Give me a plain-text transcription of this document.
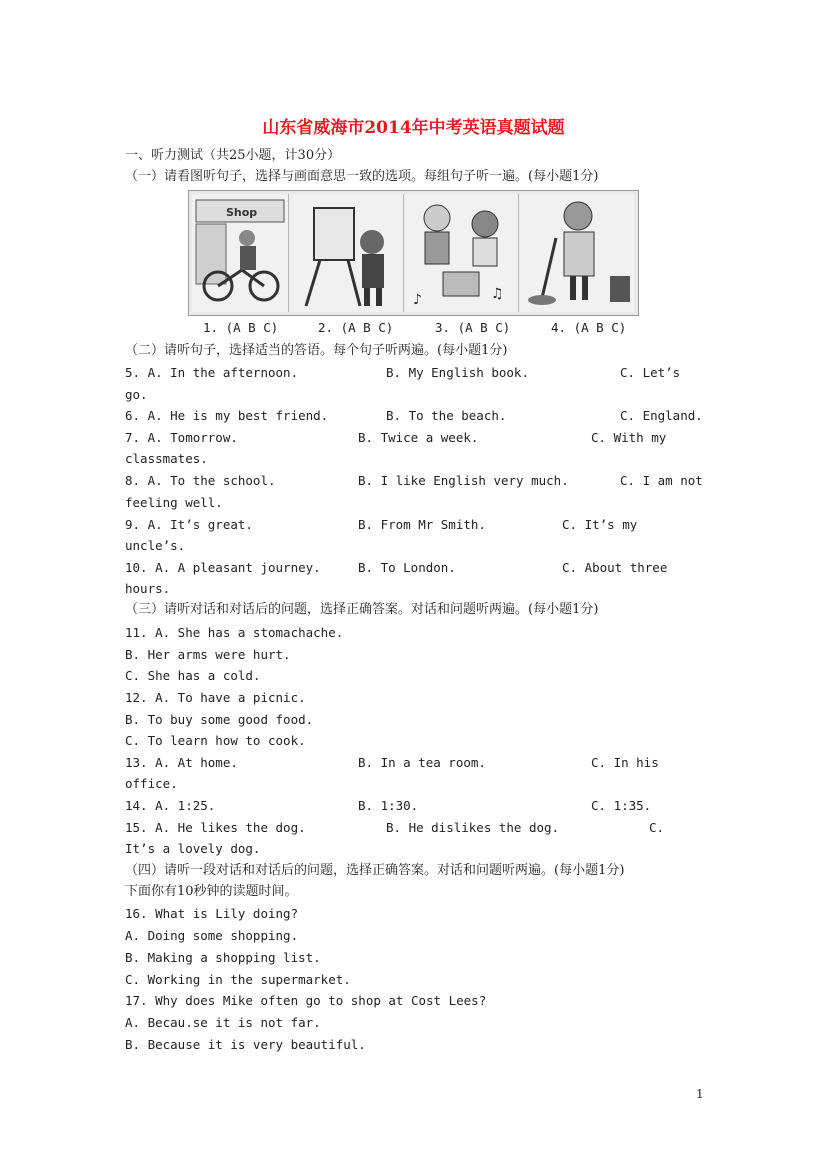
山东省威海市2014年中考英语真题试题
一、听力测试（共25小题，计30分）
（一）请看图听句子，选择与画面意思一致的选项。每组句子听一遍。(每小题1分)
Shop
♪	♫
1. (A B C)	2. (A B C)	3. (A B C)	4. (A B C)
（二）请听句子，选择适当的答语。每个句子听两遍。(每小题1分)
5. A. In the afternoon.	B. My English book.	C. Let’s
go.
6. A. He is my best friend.	B. To the beach.	C. England.
7. A. Tomorrow.	B. Twice a week.	C. With my
classmates.
8. A. To the school.	B. I like English very much.	C. I am not
feeling well.
9. A. It’s great.	B. From Mr Smith.	C. It’s my
uncle’s.
10. A. A pleasant journey.	B. To London.	C. About three
hours.
（三）请听对话和对话后的问题，选择正确答案。对话和问题听两遍。(每小题1分)
11. A. She has a stomachache.
B. Her arms were hurt.
C. She has a cold.
12. A. To have a picnic.
B. To buy some good food.
C. To learn how to cook.
13. A. At home.	B. In a tea room.	C. In his
office.
14. A. 1:25.	B. 1:30.	C. 1:35.
15. A. He likes the dog.	B. He dislikes the dog.	C.
It’s a lovely dog.
（四）请听一段对话和对话后的问题，选择正确答案。对话和问题听两遍。(每小题1分)
下面你有10秒钟的读题时间。
16. What is Lily doing?
A. Doing some shopping.
B. Making a shopping list.
C. Working in the supermarket.
17. Why does Mike often go to shop at Cost Lees?
A. Becau.se it is not far.
B. Because it is very beautiful.
1
